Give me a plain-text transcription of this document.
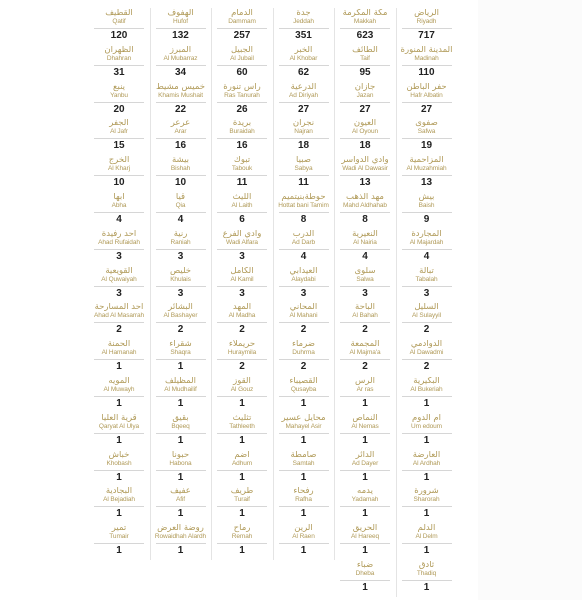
القطيف
Qatif
120
الظهران
Dhahran
31
ينبع
Yanbu
20
الجفر
Al Jafr
15
الخرج
Al Kharj
10
أبها
Abha
4
أحد رفيدة
Ahad Rufaidah
3
القويعية
Al Quwaiyah
3
أحد المسارحة
Ahad Al Masarrah
2
الحمنة
Al Hamanah
1
المويه
Al Muwayh
1
قرية العليا
Qaryat Al Ulya
1
خباش
Khobash
1
البجادية
Al Bejadiah
1
تمير
Tumair
1
الهفوف
Hufof
132
المبرز
Al Mubarraz
34
خميس مشيط
Khamis Mushait
22
عرعر
Arar
16
بيشة
Bishah
10
قيا
Qia
4
رنية
Raniah
3
خليص
Khulais
3
البشائر
Al Bashayer
2
شقراء
Shaqra
1
المظيلف
Al Mudhailif
1
بقيق
Bqeeq
1
حبونا
Habona
1
عفيف
Afif
1
روضة العرض
Rowaidhah Alardh
1
الدمام
Dammam
257
الجبيل
Al Jubail
60
رأس تنورة
Ras Tanurah
26
بريدة
Buraidah
16
تبوك
Tabouk
11
الليث
Al Laith
6
وادي الفرع
Wadi Alfara
3
الكامل
Al Kamil
3
المهد
Al Madha
2
حريملاء
Huraymila
2
القوز
Al Gouz
1
تثليث
Tathleeth
1
أضم
Adhum
1
طريف
Turaif
1
رماح
Remah
1
جدة
Jeddah
351
الخبر
Al Khobar
62
الدرعية
Ad Diriyah
27
نجران
Najran
18
صبيا
Sabya
11
حوطةبنيتميم
Hottat bani Tamim
8
الدرب
Ad Darb
4
العيدابي
Alaydabi
3
المحاني
Al Mahani
2
ضرماء
Duhrma
2
القصيباء
Qusayba
1
محايل عسير
Mahayel Asir
1
صامطة
Samtah
1
رفحاء
Rafha
1
الرين
Al Raen
1
مكة المكرمة
Makkah
623
الطائف
Taif
95
جازان
Jazan
27
العيون
Al Oyoun
18
وادي الدواسر
Wadi Al Dawasir
13
مهد الذهب
Mahd Aldhahab
8
النعيرية
Al Nairia
4
سلوى
Salwa
3
الباحة
Al Bahah
2
المجمعة
Al Majma'a
2
الرس
Ar ras
1
النماص
Al Nemas
1
الدائر
Ad Dayer
1
يدمه
Yadamah
1
الحريق
Al Hareeq
1
ضباء
Dheba
1
الرياض
Riyadh
717
المدينة المنورة
Madinah
110
حفر الباطن
Hafr Albatin
27
صفوى
Safwa
19
المزاحمية
Al Muzahmiah
13
بيش
Baish
9
المجاردة
Al Majardah
4
تبالة
Tabalah
3
السليل
Al Sulayyil
2
الدوادمي
Al Dawadmi
2
البكيرية
Al Bukeriah
1
أم الدوم
Um edoum
1
العارضة
Al Ardhah
1
شرورة
Sharorah
1
الدلم
Al Delm
1
ثادق
Thadiq
1
